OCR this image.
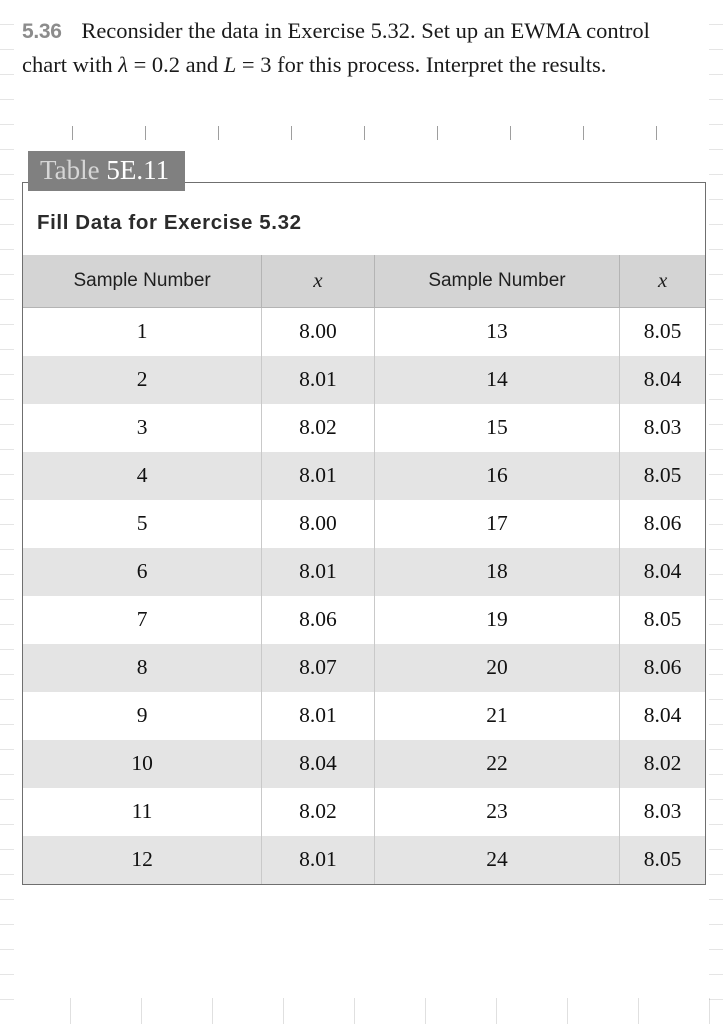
5.36 Reconsider the data in Exercise 5.32. Set up an EWMA control chart with λ = 0.2 and L = 3 for this process. Interpret the results.

Table 5E.11
Fill Data for Exercise 5.32
Sample Number	x	Sample Number	x
1	8.00	13	8.05
2	8.01	14	8.04
3	8.02	15	8.03
4	8.01	16	8.05
5	8.00	17	8.06
6	8.01	18	8.04
7	8.06	19	8.05
8	8.07	20	8.06
9	8.01	21	8.04
10	8.04	22	8.02
11	8.02	23	8.03
12	8.01	24	8.05
